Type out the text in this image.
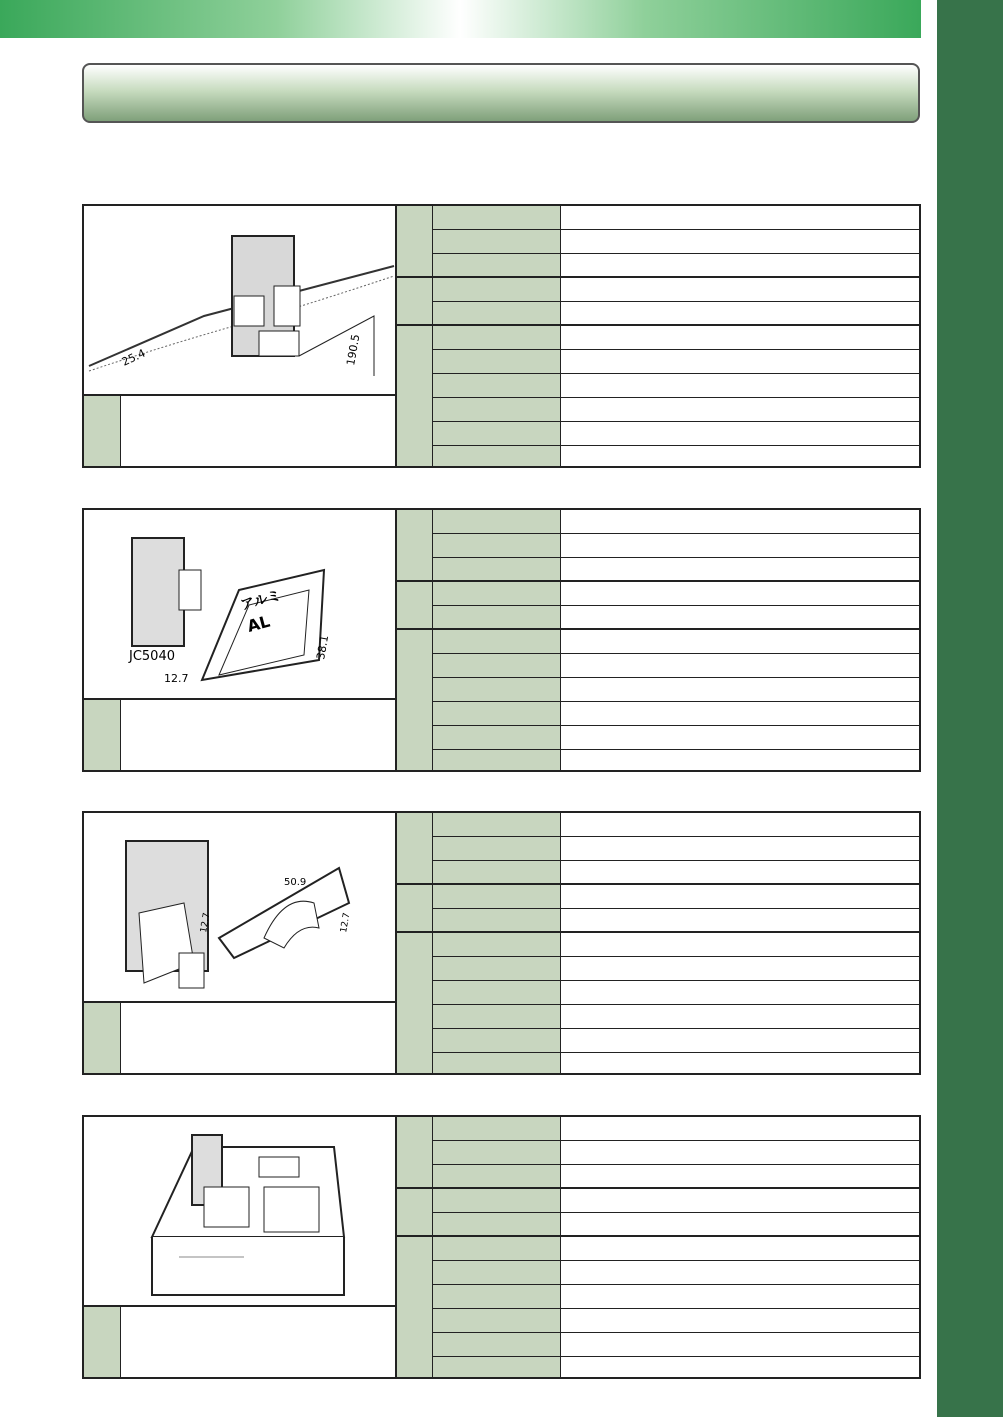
25.4	190.5
アルミ
AL
JC5040
12.7
38.1
50.9
12.7	12.7
